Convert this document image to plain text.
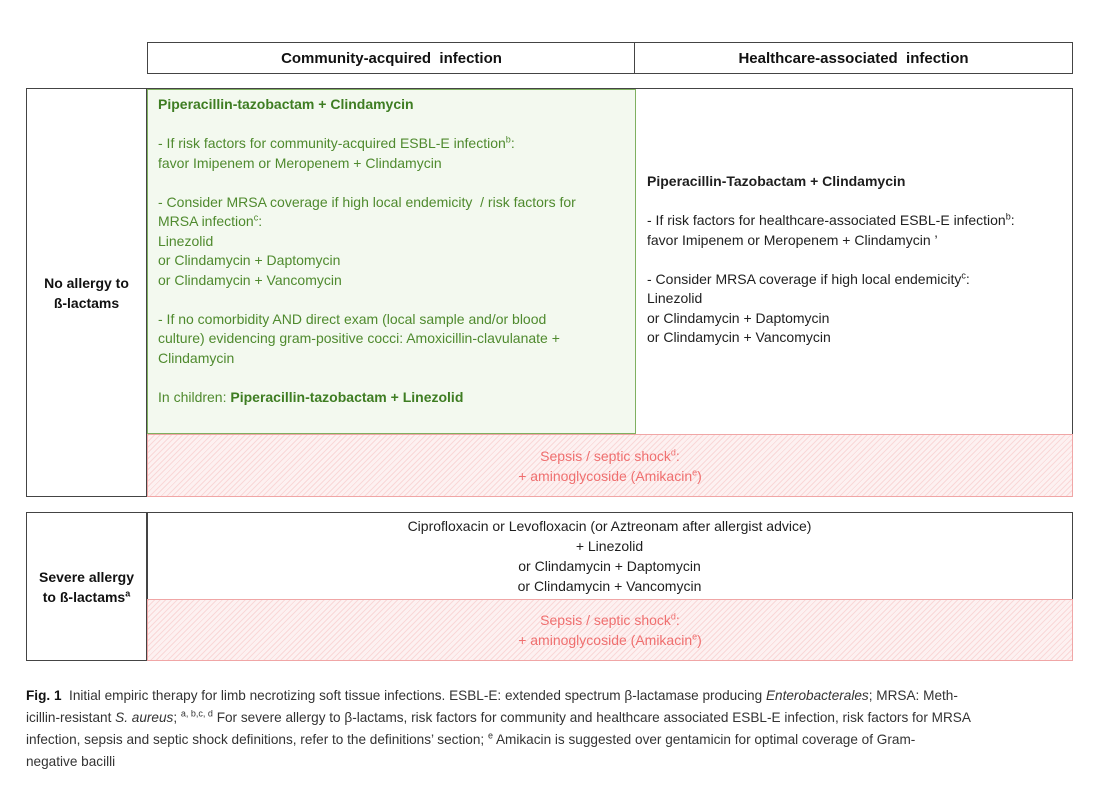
Community-acquired  infection	Healthcare-associated  infection
No allergy to
ß-lactams

Piperacillin-tazobactam + Clindamycin

- If risk factors for community-acquired ESBL-E infection$^b$:

favor Imipenem or Meropenem + Clindamycin

- Consider MRSA coverage if high local endemicity  / risk factors for

MRSA infection$^c$:

Linezolid

or Clindamycin + Daptomycin

or Clindamycin + Vancomycin

- If no comorbidity AND direct exam (local sample and/or blood

culture) evidencing gram-positive cocci: Amoxicillin-clavulanate +

Clindamycin

In children: Piperacillin-tazobactam + Linezolid

Piperacillin-Tazobactam + Clindamycin

- If risk factors for healthcare-associated ESBL-E infection$^b$:

favor Imipenem or Meropenem + Clindamycin ’

- Consider MRSA coverage if high local endemicity$^c$:

Linezolid

or Clindamycin + Daptomycin

or Clindamycin + Vancomycin

Sepsis / septic shock$^d$:
+ aminoglycoside (Amikacin$^e$)
Severe allergy
to ß-lactams$^a$
Ciprofloxacin or Levofloxacin (or Aztreonam after allergist advice)
+ Linezolid
or Clindamycin + Daptomycin
or Clindamycin + Vancomycin
Sepsis / septic shock$^d$:
+ aminoglycoside (Amikacin$^e$)
Fig. 1  Initial empiric therapy for limb necrotizing soft tissue infections. ESBL-E: extended spectrum β-lactamase producing Enterobacterales; MRSA: Meth-
icillin-resistant S. aureus; $^{a, b,c, d}$ For severe allergy to β-lactams, risk factors for community and healthcare associated ESBL-E infection, risk factors for MRSA
infection, sepsis and septic shock definitions, refer to the definitions’ section; $^e$ Amikacin is suggested over gentamicin for optimal coverage of Gram-
negative bacilli
